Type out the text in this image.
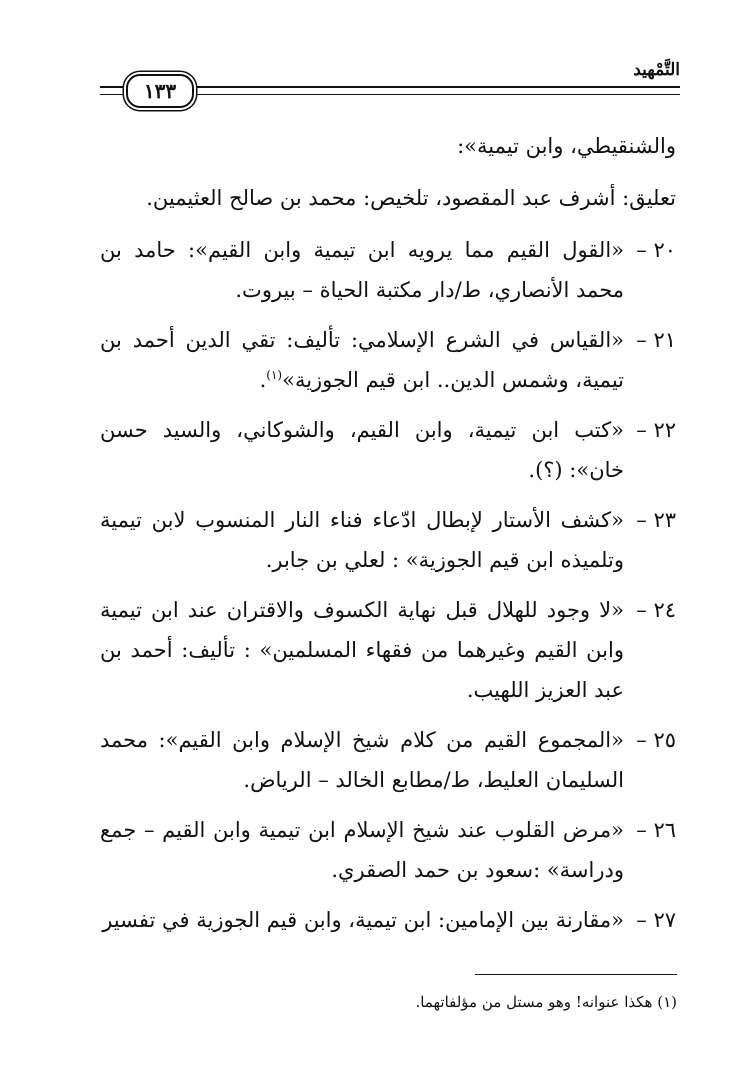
التَّمْهيد
١٣٣
والشنقيطي، وابن تيمية»:
تعليق: أشرف عبد المقصود، تلخيص: محمد بن صالح العثيمين.
٢٠ –
«القول القيم مما يرويه ابن تيمية وابن القيم»: حامد بن محمد الأنصاري، ط/دار مكتبة الحياة – بيروت.
٢١ –
«القياس في الشرع الإسلامي: تأليف: تقي الدين أحمد بن تيمية، وشمس الدين.. ابن قيم الجوزية»$^{(١)}$.
٢٢ –
«كتب ابن تيمية، وابن القيم، والشوكاني، والسيد حسن خان»: (؟).
٢٣ –
«كشف الأستار لإبطال ادّعاء فناء النار المنسوب لابن تيمية وتلميذه ابن قيم الجوزية» : لعلي بن جابر.
٢٤ –
«لا وجود للهلال قبل نهاية الكسوف والاقتران عند ابن تيمية وابن القيم وغيرهما من فقهاء المسلمين» : تأليف: أحمد بن عبد العزيز اللهيب.
٢٥ –
«المجموع القيم من كلام شيخ الإسلام وابن القيم»: محمد السليمان العليط، ط/مطابع الخالد – الرياض.
٢٦ –
«مرض القلوب عند شيخ الإسلام ابن تيمية وابن القيم – جمع ودراسة» :سعود بن حمد الصقري.
٢٧ –
«مقارنة بين الإمامين: ابن تيمية، وابن قيم الجوزية في تفسير
(١) هكذا عنوانه! وهو مستل من مؤلفاتهما.
